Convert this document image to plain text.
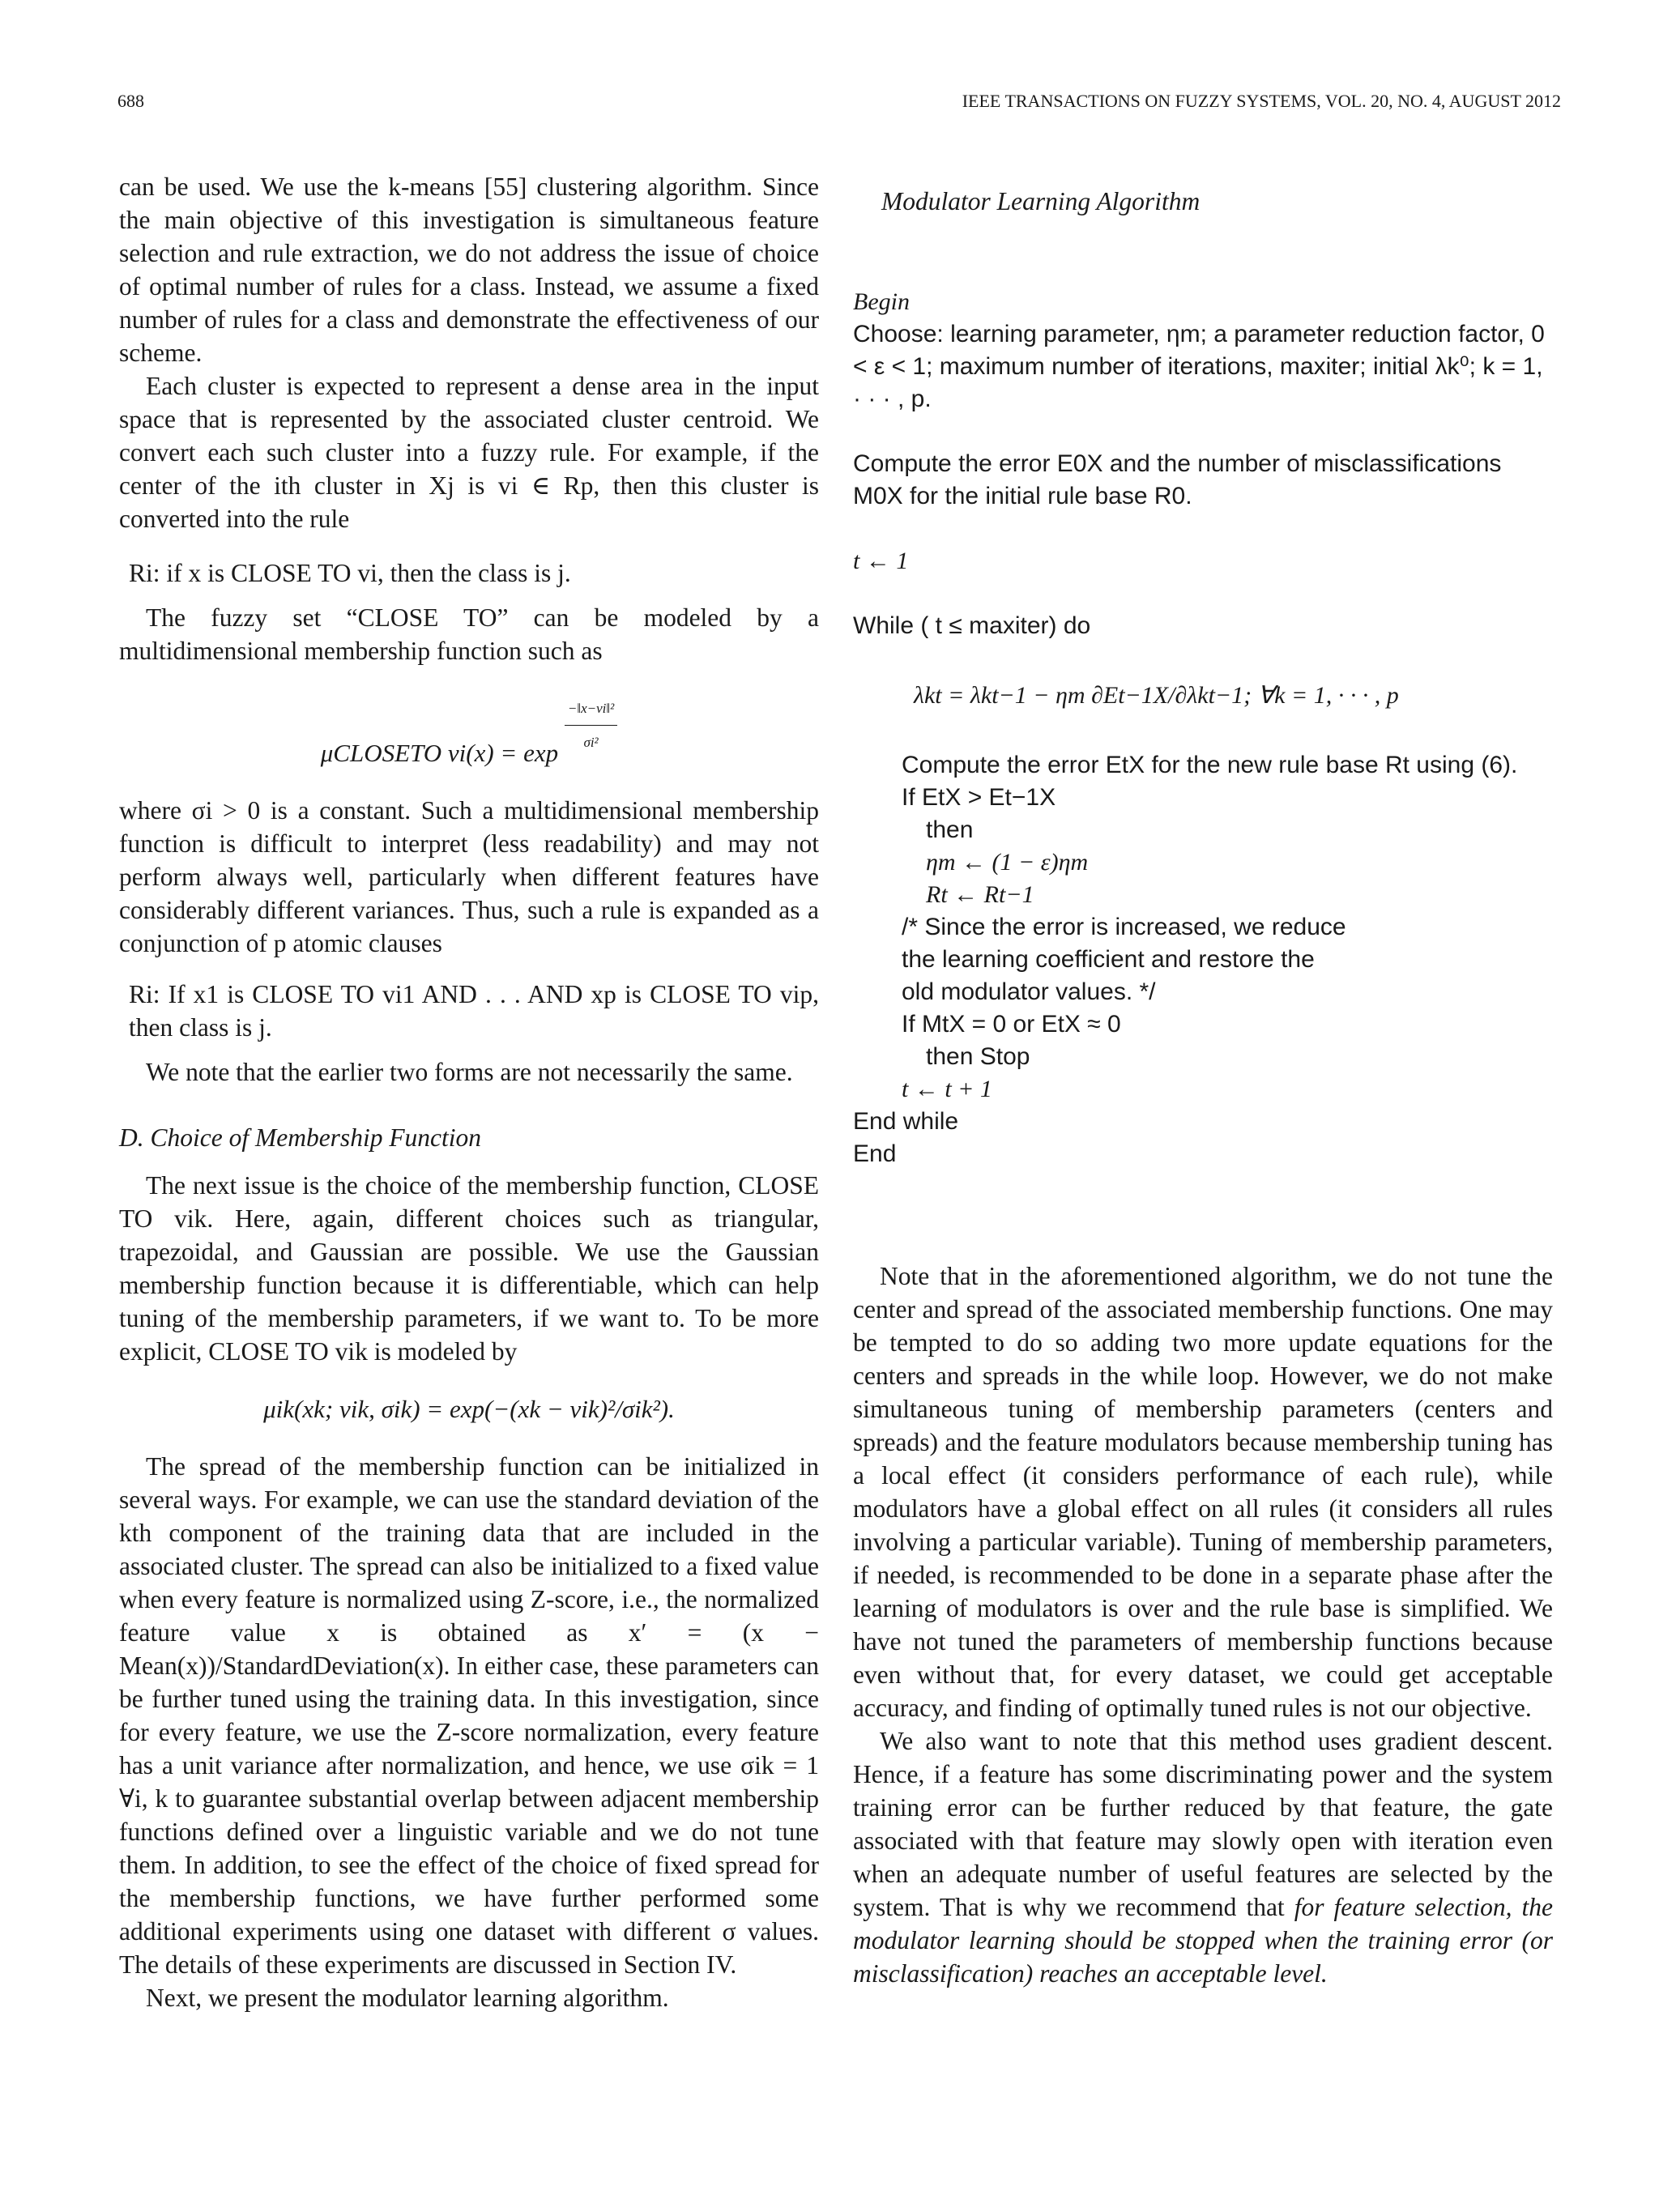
688	IEEE TRANSACTIONS ON FUZZY SYSTEMS, VOL. 20, NO. 4, AUGUST 2012

can be used. We use the k-means [55] clustering algorithm. Since the main objective of this investigation is simultaneous feature selection and rule extraction, we do not address the issue of choice of optimal number of rules for a class. Instead, we assume a fixed number of rules for a class and demonstrate the effectiveness of our scheme.

Each cluster is expected to represent a dense area in the input space that is represented by the associated cluster centroid. We convert each such cluster into a fuzzy rule. For example, if the center of the ith cluster in Xj is vi ∈ Rp, then this cluster is converted into the rule

Ri: if x is CLOSE TO vi, then the class is j.

The fuzzy set “CLOSE TO” can be modeled by a multidimensional membership function such as

μCLOSETO $vi(x) = \exp \frac{\text{−‖x−vi‖²}}{\text{σi²}}$

where σi > 0 is a constant. Such a multidimensional membership function is difficult to interpret (less readability) and may not perform always well, particularly when different features have considerably different variances. Thus, such a rule is expanded as a conjunction of p atomic clauses

Ri: If x1 is CLOSE TO vi1 AND . . . AND xp is CLOSE TO vip, then class is j.

We note that the earlier two forms are not necessarily the same.

D. Choice of Membership Function

The next issue is the choice of the membership function, CLOSE TO vik. Here, again, different choices such as triangular, trapezoidal, and Gaussian are possible. We use the Gaussian membership function because it is differentiable, which can help tuning of the membership parameters, if we want to. To be more explicit, CLOSE TO vik is modeled by

μik(xk; vik, σik) = exp(−(xk − vik)²/σik²).

The spread of the membership function can be initialized in several ways. For example, we can use the standard deviation of the kth component of the training data that are included in the associated cluster. The spread can also be initialized to a fixed value when every feature is normalized using Z-score, i.e., the normalized feature value x is obtained as x′ = (x − Mean(x))/StandardDeviation(x). In either case, these parameters can be further tuned using the training data. In this investigation, since for every feature, we use the Z-score normalization, every feature has a unit variance after normalization, and hence, we use σik = 1 ∀i, k to guarantee substantial overlap between adjacent membership functions defined over a linguistic variable and we do not tune them. In addition, to see the effect of the choice of fixed spread for the membership functions, we have further performed some additional experiments using one dataset with different σ values. The details of these experiments are discussed in Section IV.

Next, we present the modulator learning algorithm.

Modulator Learning Algorithm

Begin
Choose: learning parameter, ηm; a parameter reduction factor, 0 < ε < 1; maximum number of iterations, maxiter; initial λk⁰; k = 1, · · · , p.
Compute the error E0X and the number of misclassifications M0X for the initial rule base R0.
t ← 1
While ( t ≤ maxiter) do
λkt = λkt−1 − ηm ∂Et−1X/∂λkt−1; ∀k = 1, · · · , p
Compute the error EtX for the new rule base Rt using (6).
If EtX > Et−1X
then
ηm ← (1 − ε)ηm
Rt ← Rt−1
/* Since the error is increased, we reduce
the learning coefficient and restore the
old modulator values. */
If MtX = 0 or EtX ≈ 0
then Stop
t ← t + 1
End while
End

Note that in the aforementioned algorithm, we do not tune the center and spread of the associated membership functions. One may be tempted to do so adding two more update equations for the centers and spreads in the while loop. However, we do not make simultaneous tuning of membership parameters (centers and spreads) and the feature modulators because membership tuning has a local effect (it considers performance of each rule), while modulators have a global effect on all rules (it considers all rules involving a particular variable). Tuning of membership parameters, if needed, is recommended to be done in a separate phase after the learning of modulators is over and the rule base is simplified. We have not tuned the parameters of membership functions because even without that, for every dataset, we could get acceptable accuracy, and finding of optimally tuned rules is not our objective.

We also want to note that this method uses gradient descent. Hence, if a feature has some discriminating power and the system training error can be further reduced by that feature, the gate associated with that feature may slowly open with iteration even when an adequate number of useful features are selected by the system. That is why we recommend that for feature selection, the modulator learning should be stopped when the training error (or misclassification) reaches an acceptable level.
